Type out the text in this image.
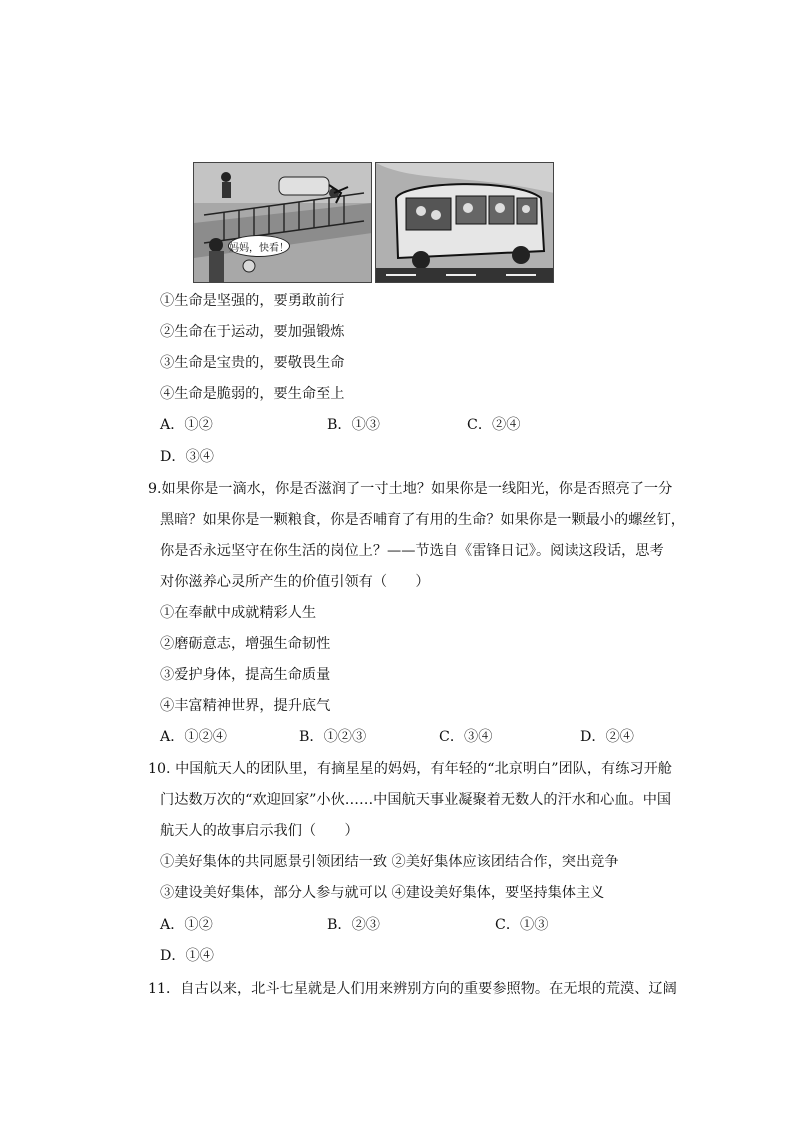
妈妈，快看！
①生命是坚强的，要勇敢前行
②生命在于运动，要加强锻炼
③生命是宝贵的，要敬畏生命
④生命是脆弱的，要生命至上
A．①②	B．①③	C．②④
D．③④
9.如果你是一滴水，你是否滋润了一寸土地？如果你是一线阳光，你是否照亮了一分
黑暗？如果你是一颗粮食，你是否哺育了有用的生命？如果你是一颗最小的螺丝钉，
你是否永远坚守在你生活的岗位上？——节选自《雷锋日记》。阅读这段话，思考
对你滋养心灵所产生的价值引领有（　　）
①在奉献中成就精彩人生
②磨砺意志，增强生命韧性
③爱护身体，提高生命质量
④丰富精神世界，提升底气
A．①②④	B．①②③	C．③④	D．②④
10. 中国航天人的团队里，有摘星星的妈妈，有年轻的“北京明白”团队，有练习开舱
门达数万次的“欢迎回家”小伙……中国航天事业凝聚着无数人的汗水和心血。中国
航天人的故事启示我们（　　）
①美好集体的共同愿景引领团结一致 ②美好集体应该团结合作，突出竞争
③建设美好集体，部分人参与就可以 ④建设美好集体，要坚持集体主义
A．①②	B．②③	C．①③
D．①④
11．自古以来，北斗七星就是人们用来辨别方向的重要参照物。在无垠的荒漠、辽阔
